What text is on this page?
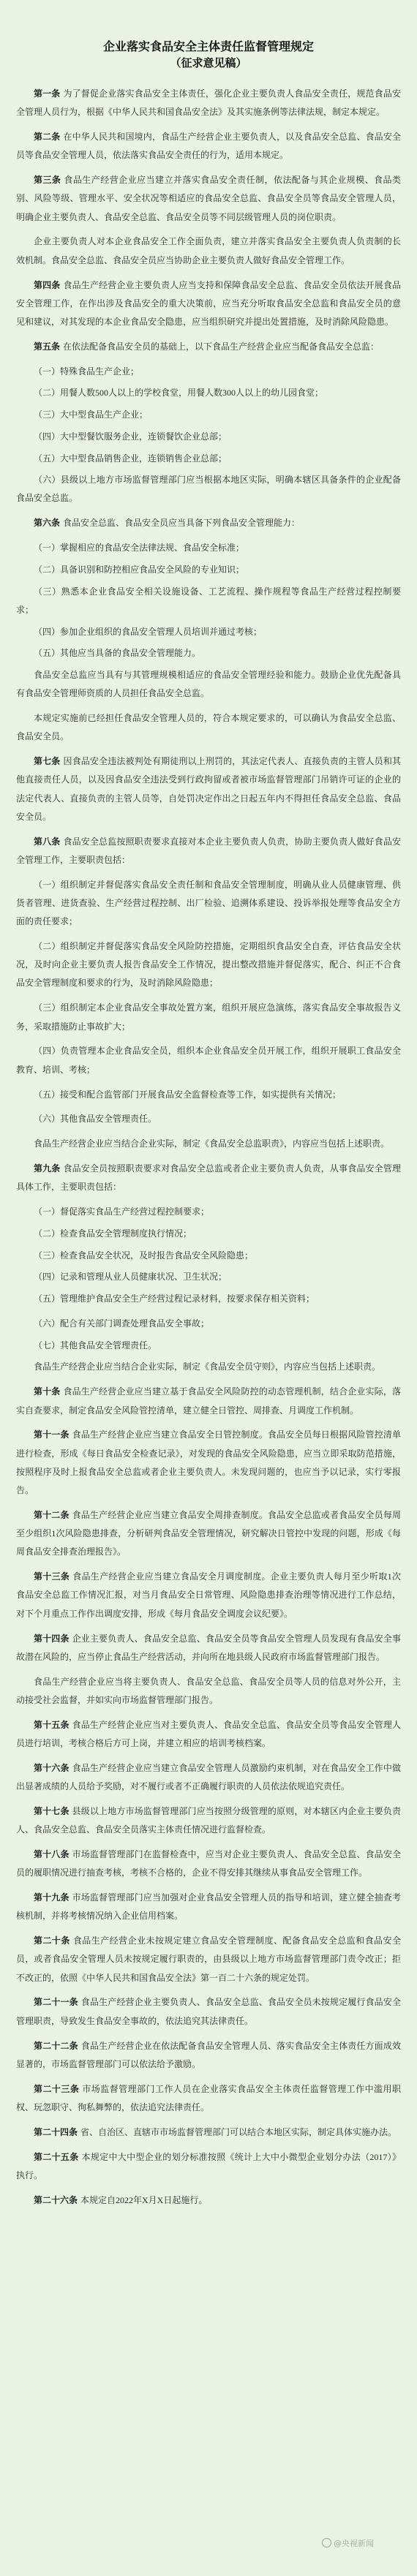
企业落实食品安全主体责任监督管理规定
（征求意见稿）

第一条 为了督促企业落实食品安全主体责任，强化企业主要负责人食品安全责任，规范食品安全管理人员行为，根据《中华人民共和国食品安全法》及其实施条例等法律法规，制定本规定。

第二条 在中华人民共和国境内，食品生产经营企业主要负责人，以及食品安全总监、食品安全员等食品安全管理人员，依法落实食品安全责任的行为，适用本规定。

第三条 食品生产经营企业应当建立并落实食品安全责任制，依法配备与其企业规模、食品类别、风险等级、管理水平、安全状况等相适应的食品安全总监、食品安全员等食品安全管理人员，明确企业主要负责人、食品安全总监、食品安全员等不同层级管理人员的岗位职责。

企业主要负责人对本企业食品安全工作全面负责，建立并落实食品安全主要负责人负责制的长效机制。食品安全总监、食品安全员应当协助企业主要负责人做好食品安全管理工作。

第四条 食品生产经营企业主要负责人应当支持和保障食品安全总监、食品安全员依法开展食品安全管理工作，在作出涉及食品安全的重大决策前，应当充分听取食品安全总监和食品安全员的意见和建议，对其发现的本企业食品安全隐患，应当组织研究并提出处置措施，及时消除风险隐患。

第五条 在依法配备食品安全员的基础上，以下食品生产经营企业应当配备食品安全总监：

（一）特殊食品生产企业；

（二）用餐人数500人以上的学校食堂，用餐人数300人以上的幼儿园食堂；

（三）大中型食品生产企业；

（四）大中型餐饮服务企业，连锁餐饮企业总部；

（五）大中型食品销售企业，连锁销售企业总部；

（六）县级以上地方市场监督管理部门应当根据本地区实际，明确本辖区具备条件的企业配备食品安全总监。

第六条 食品安全总监、食品安全员应当具备下列食品安全管理能力：

（一）掌握相应的食品安全法律法规、食品安全标准；

（二）具备识别和防控相应食品安全风险的专业知识；

（三）熟悉本企业食品安全相关设施设备、工艺流程、操作规程等食品生产经营过程控制要求；

（四）参加企业组织的食品安全管理人员培训并通过考核；

（五）其他应当具备的食品安全管理能力。

食品安全总监应当具有与其管理规模相适应的食品安全管理经验和能力。鼓励企业优先配备具有食品安全管理师资质的人员担任食品安全总监。

本规定实施前已经担任食品安全管理人员的，符合本规定要求的，可以确认为食品安全总监、食品安全员。

第七条 因食品安全违法被判处有期徒刑以上刑罚的，其法定代表人、直接负责的主管人员和其他直接责任人员，以及因食品安全违法受到行政拘留或者被市场监督管理部门吊销许可证的企业的法定代表人、直接负责的主管人员等，自处罚决定作出之日起五年内不得担任食品安全总监、食品安全员。

第八条 食品安全总监按照职责要求直接对本企业主要负责人负责，协助主要负责人做好食品安全管理工作，主要职责包括：

（一）组织制定并督促落实食品安全责任制和食品安全管理制度，明确从业人员健康管理、供货者管理、进货查验、生产经营过程控制、出厂检验、追溯体系建设、投诉举报处理等食品安全方面的责任要求；

（二）组织制定并督促落实食品安全风险防控措施，定期组织食品安全自查，评估食品安全状况，及时向企业主要负责人报告食品安全工作情况，提出整改措施并督促落实，配合、纠正不合食品安全管理制度和要求的行为，及时消除风险隐患；

（三）组织制定本企业食品安全事故处置方案，组织开展应急演练，落实食品安全事故报告义务，采取措施防止事故扩大；

（四）负责管理本企业食品安全员，组织本企业食品安全员开展工作，组织开展职工食品安全教育、培训、考核；

（五）接受和配合监管部门开展食品安全监督检查等工作，如实提供有关情况；

（六）其他食品安全管理责任。

食品生产经营企业应当结合企业实际，制定《食品安全总监职责》，内容应当包括上述职责。

第九条 食品安全员按照职责要求对食品安全总监或者企业主要负责人负责，从事食品安全管理具体工作，主要职责包括：

（一）督促落实食品生产经营过程控制要求；

（二）检查食品安全管理制度执行情况；

（三）检查食品安全状况，及时报告食品安全风险隐患；

（四）记录和管理从业人员健康状况、卫生状况；

（五）管理维护食品安全生产经营过程记录材料，按要求保存相关资料；

（六）配合有关部门调查处理食品安全事故；

（七）其他食品安全管理责任。

食品生产经营企业应当结合企业实际，制定《食品安全员守则》，内容应当包括上述职责。

第十条 食品生产经营企业应当建立基于食品安全风险防控的动态管理机制，结合企业实际，落实自查要求，制定食品安全风险管控清单，建立健全日管控、周排查、月调度工作机制。

第十一条 食品生产经营企业应当建立食品安全日管控制度。食品安全员每日根据风险管控清单进行检查，形成《每日食品安全检查记录》，对发现的食品安全风险隐患，应当立即采取防范措施，按照程序及时上报食品安全总监或者企业主要负责人。未发现问题的，也应当予以记录，实行零报告。

第十二条 食品生产经营企业应当建立食品安全周排查制度。食品安全总监或者食品安全员每周至少组织1次风险隐患排查，分析研判食品安全管理情况，研究解决日管控中发现的问题，形成《每周食品安全排查治理报告》。

第十三条 食品生产经营企业应当建立食品安全月调度制度。企业主要负责人每月至少听取1次食品安全总监工作情况汇报，对当月食品安全日常管理、风险隐患排查治理等情况进行工作总结，对下个月重点工作作出调度安排，形成《每月食品安全调度会议纪要》。

第十四条 企业主要负责人、食品安全总监、食品安全员等食品安全管理人员发现有食品安全事故潜在风险的，应当停止食品生产经营活动，并向所在地县级人民政府市场监督管理部门报告。

食品生产经营企业应当将主要负责人、食品安全总监、食品安全员等人员的信息对外公开，主动接受社会监督，并如实向市场监督管理部门报告。

第十五条 食品生产经营企业应当对主要负责人、食品安全总监、食品安全员等食品安全管理人员进行培训，考核合格后方可上岗，并建立相应的培训考核档案。

第十六条 食品生产经营企业应当建立食品安全管理人员激励约束机制，对在食品安全工作中做出显著成绩的人员给予奖励，对不履行或者不正确履行职责的人员依法依规追究责任。

第十七条 县级以上地方市场监督管理部门应当按照分级管理的原则，对本辖区内企业主要负责人、食品安全总监、食品安全员落实主体责任情况进行监督检查。

第十八条 市场监督管理部门在监督检查中，应当对企业主要负责人、食品安全总监、食品安全员的履职情况进行抽查考核，考核不合格的，企业不得安排其继续从事食品安全管理工作。

第十九条 市场监督管理部门应当加强对企业食品安全管理人员的指导和培训，建立健全抽查考核机制，并将考核情况纳入企业信用档案。

第二十条 食品生产经营企业未按规定建立食品安全管理制度、配备食品安全总监和食品安全员，或者食品安全管理人员未按规定履行职责的，由县级以上地方市场监督管理部门责令改正；拒不改正的，依照《中华人民共和国食品安全法》第一百二十六条的规定处罚。

第二十一条 食品生产经营企业主要负责人、食品安全总监、食品安全员未按规定履行食品安全管理职责，导致发生食品安全事故的，依法追究其法律责任。

第二十二条 食品生产经营企业在依法配备食品安全管理人员、落实食品安全主体责任方面成效显著的，市场监督管理部门可以依法给予激励。

第二十三条 市场监督管理部门工作人员在企业落实食品安全主体责任监督管理工作中滥用职权、玩忽职守、徇私舞弊的，依法追究法律责任。

第二十四条 省、自治区、直辖市市场监督管理部门可以结合本地区实际，制定具体实施办法。

第二十五条 本规定中大中型企业的划分标准按照《统计上大中小微型企业划分办法（2017）》执行。

第二十六条 本规定自2022年X月X日起施行。

@央视新闻
